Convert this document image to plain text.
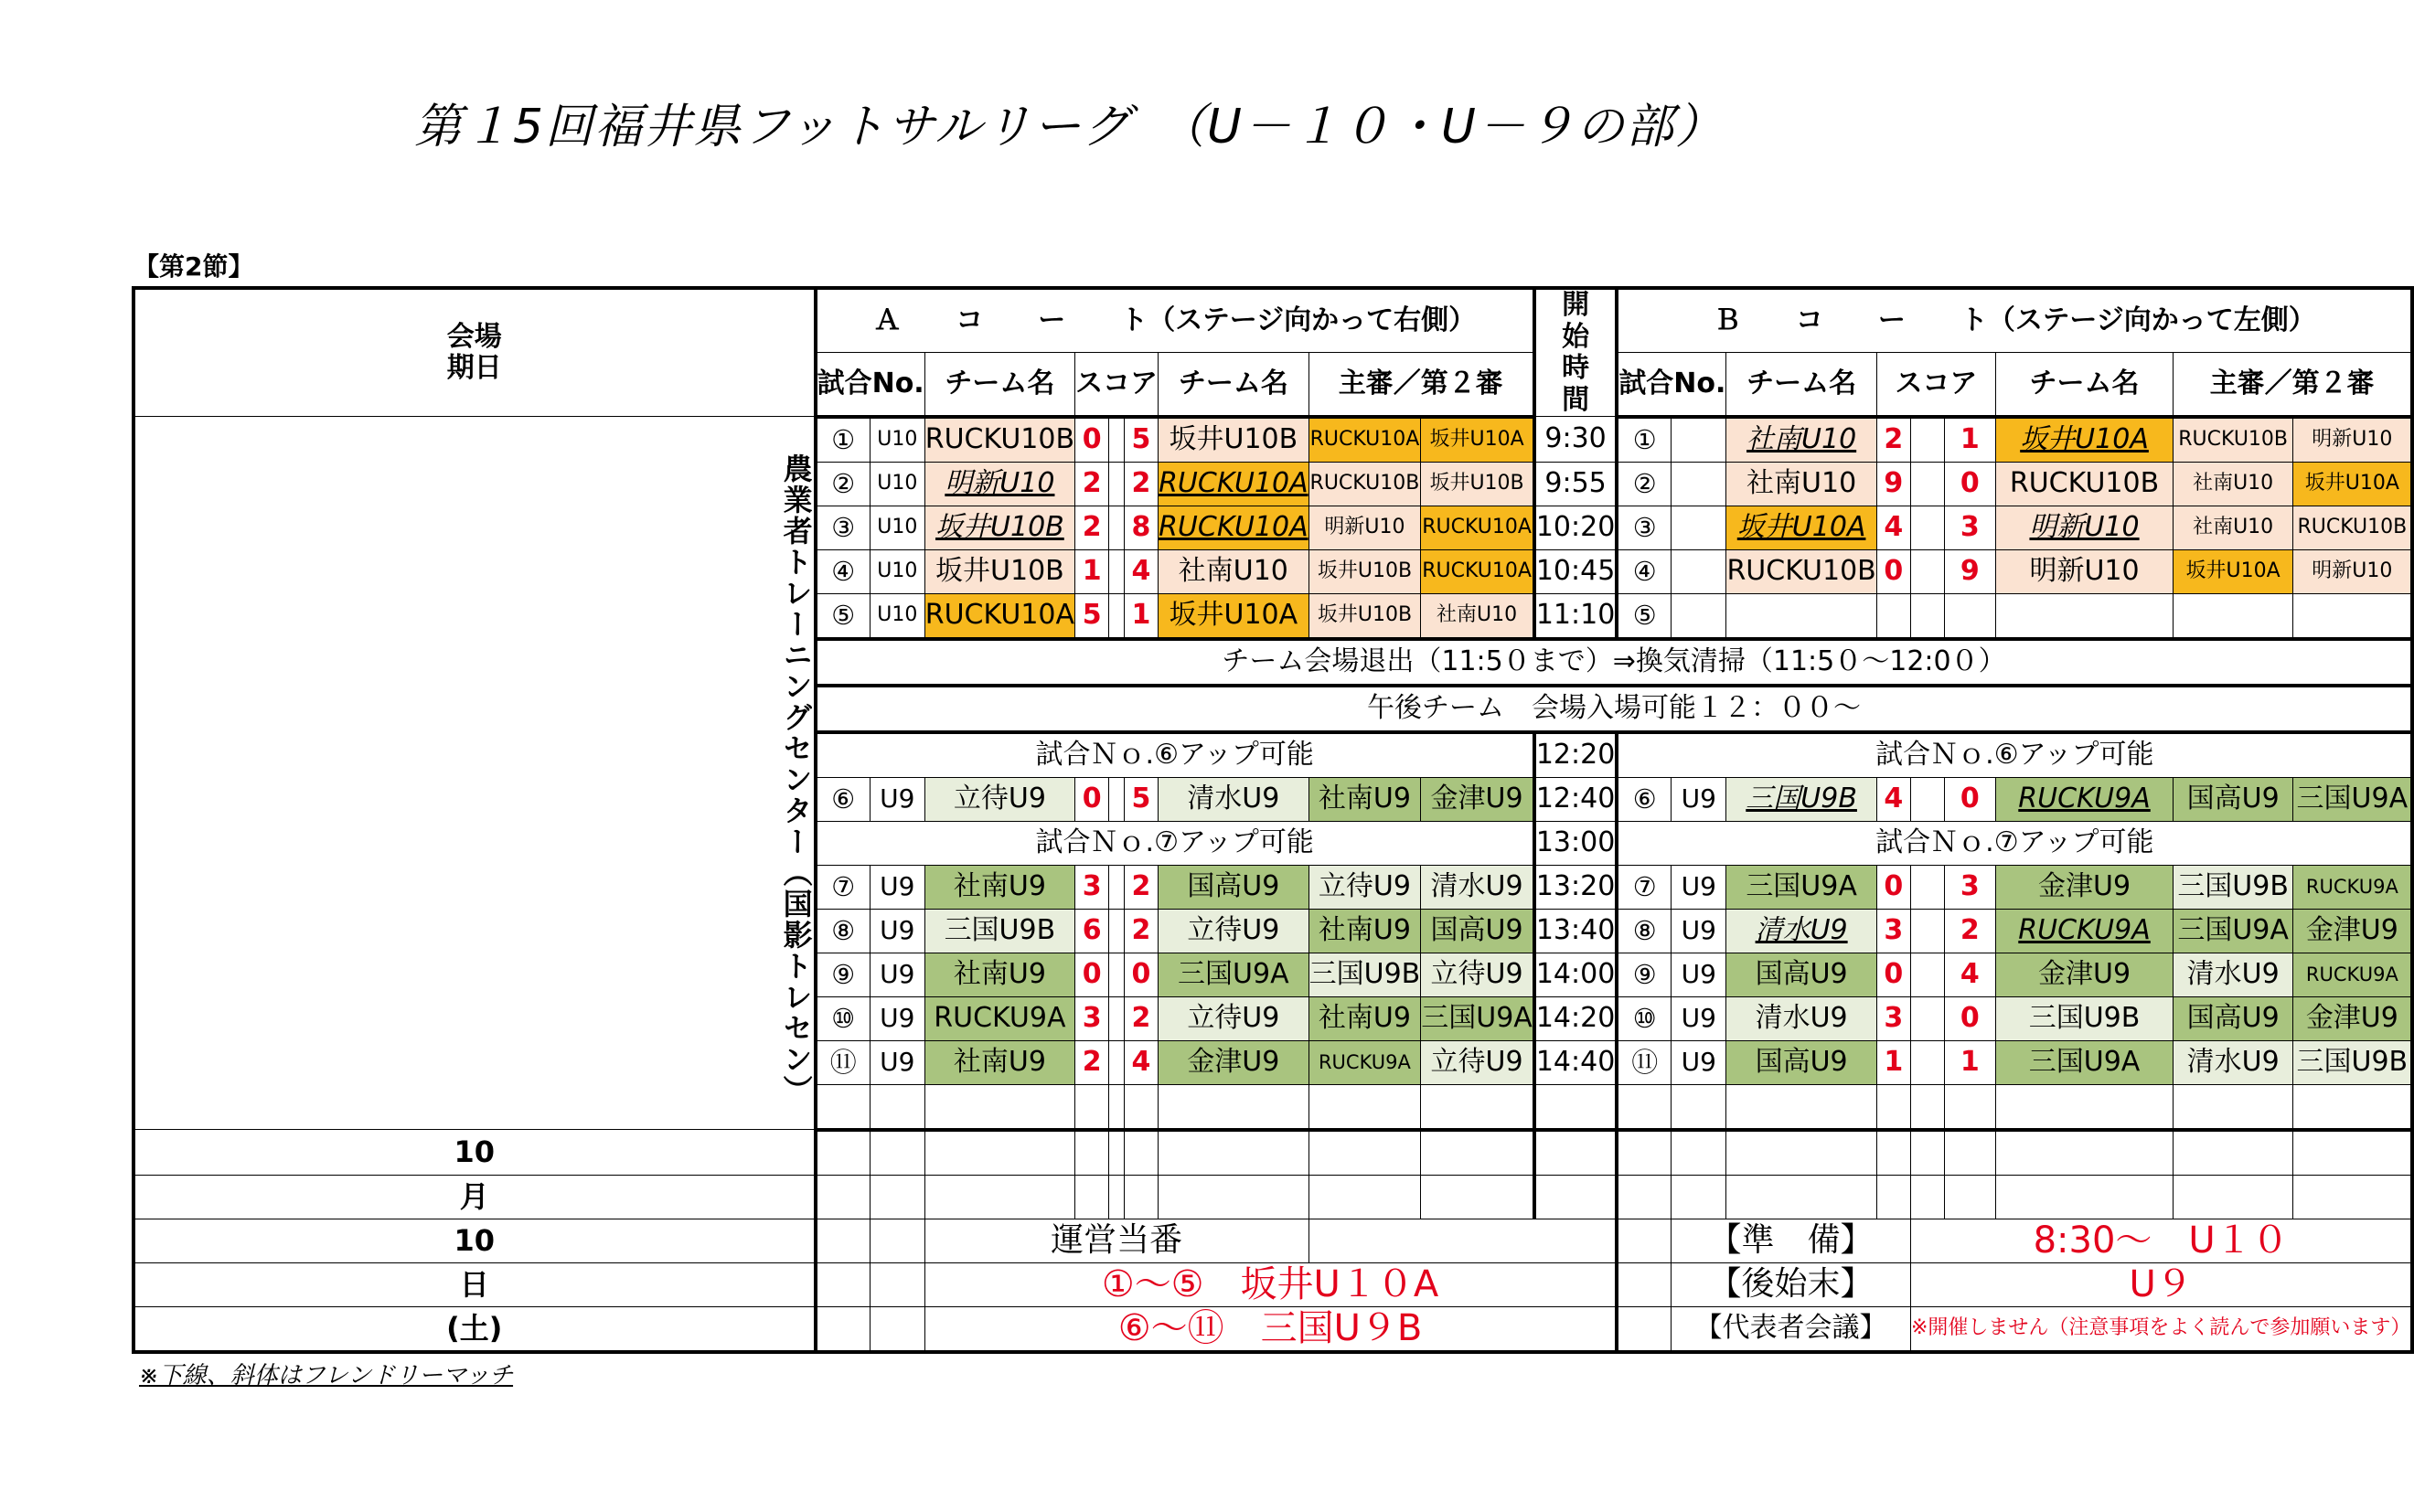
第１5回福井県フットサルリーグ　（U－１０・U－９の部）
【第2節】
会場
期日	Ａ　　コ　　ー　　ト（ステージ向かって右側）									開　始
時　間	Ｂ　　コ　　ー　　ト（ステージ向かって左側）								
	試合No.		チーム名	スコア			チーム名	主審／第２審			試合No.		チーム名	スコア			チーム名	主審／第２審	
農業者トレーニングセンター（国影トレセン）	①	U10	RUCKU10B	0		5	坂井U10B	RUCKU10A	坂井U10A	9:30	①		社南U10	2		1	坂井U10A	RUCKU10B	明新U10
	②	U10	明新U10	2		2	RUCKU10A	RUCKU10B	坂井U10B	9:55	②		社南U10	9		0	RUCKU10B	社南U10	坂井U10A
	③	U10	坂井U10B	2		8	RUCKU10A	明新U10	RUCKU10A	10:20	③		坂井U10A	4		3	明新U10	社南U10	RUCKU10B
	④	U10	坂井U10B	1		4	社南U10	坂井U10B	RUCKU10A	10:45	④		RUCKU10B	0		9	明新U10	坂井U10A	明新U10
	⑤	U10	RUCKU10A	5		1	坂井U10A	坂井U10B	社南U10	11:10	⑤								
	チーム会場退出（11:5０まで）⇒換気清掃（11:5０～12:0０）																		
	午後チーム　会場入場可能１２：００～																		
	試合Ｎｏ.⑥アップ可能									12:20	試合Ｎｏ.⑥アップ可能								
	⑥	U9	立待U9	0		5	清水U9	社南U9	金津U9	12:40	⑥	U9	三国U9B	4		0	RUCKU9A	国高U9	三国U9A
	試合Ｎｏ.⑦アップ可能									13:00	試合Ｎｏ.⑦アップ可能								
	⑦	U9	社南U9	3		2	国高U9	立待U9	清水U9	13:20	⑦	U9	三国U9A	0		3	金津U9	三国U9B	RUCKU9A
	⑧	U9	三国U9B	6		2	立待U9	社南U9	国高U9	13:40	⑧	U9	清水U9	3		2	RUCKU9A	三国U9A	金津U9
	⑨	U9	社南U9	0		0	三国U9A	三国U9B	立待U9	14:00	⑨	U9	国高U9	0		4	金津U9	清水U9	RUCKU9A
	⑩	U9	RUCKU9A	3		2	立待U9	社南U9	三国U9A	14:20	⑩	U9	清水U9	3		0	三国U9B	国高U9	金津U9
	⑪	U9	社南U9	2		4	金津U9	RUCKU9A	立待U9	14:40	⑪	U9	国高U9	1		1	三国U9A	清水U9	三国U9B

10																			
月																			
10			運営当番									【準　備】			8:30～　U１０				
日			①～⑤　坂井U１０A									【後始末】			U９				
(土)			⑥～⑪　三国U９B									【代表者会議】			※開催しません（注意事項をよく読んで参加願います）				
※下線、斜体はフレンドリーマッチ
